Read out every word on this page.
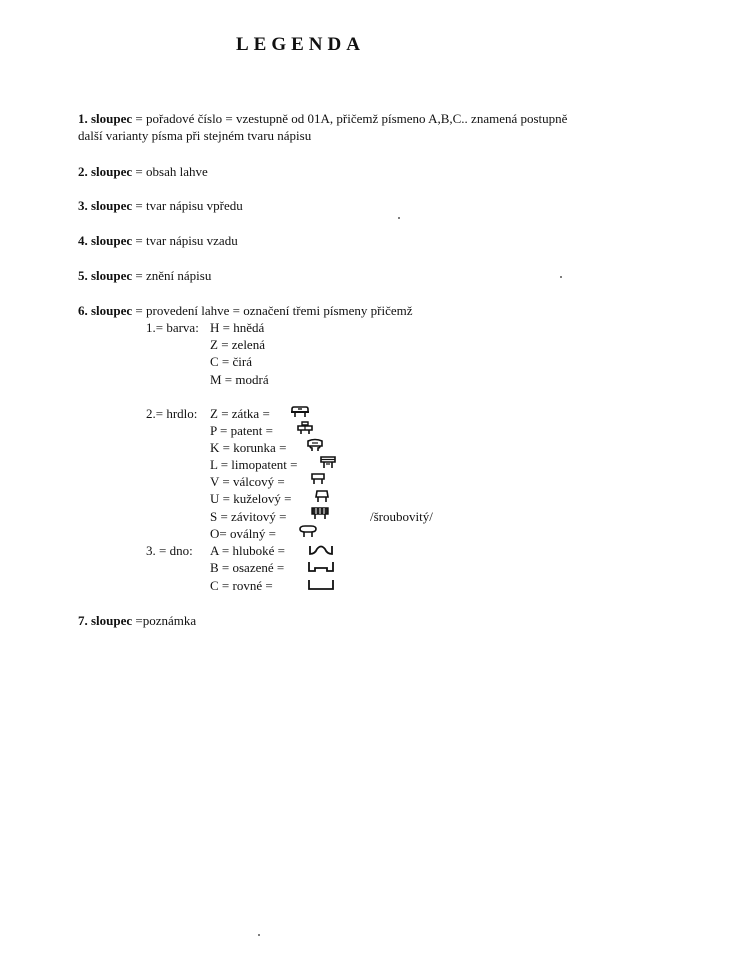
LEGENDA
1. sloupec = pořadové číslo = vzestupně od 01A, přičemž písmeno A,B,C.. znamená postupně
další varianty písma při stejném tvaru nápisu
2. sloupec = obsah lahve
3. sloupec = tvar nápisu vpředu
4. sloupec = tvar nápisu vzadu
5. sloupec = znění nápisu
6. sloupec = provedení lahve = označení třemi písmeny přičemž
1.= barva: H = hnědá
Z = zelená
C = čirá
M = modrá
2.= hrdlo: Z = zátka =
P = patent =
K = korunka =
L = limopatent =
V = válcový =
U = kuželový =
S = závitový =	/šroubovitý/
O= oválný =
3. = dno: A = hluboké =
B = osazené =
C = rovné =
7. sloupec =poznámka
